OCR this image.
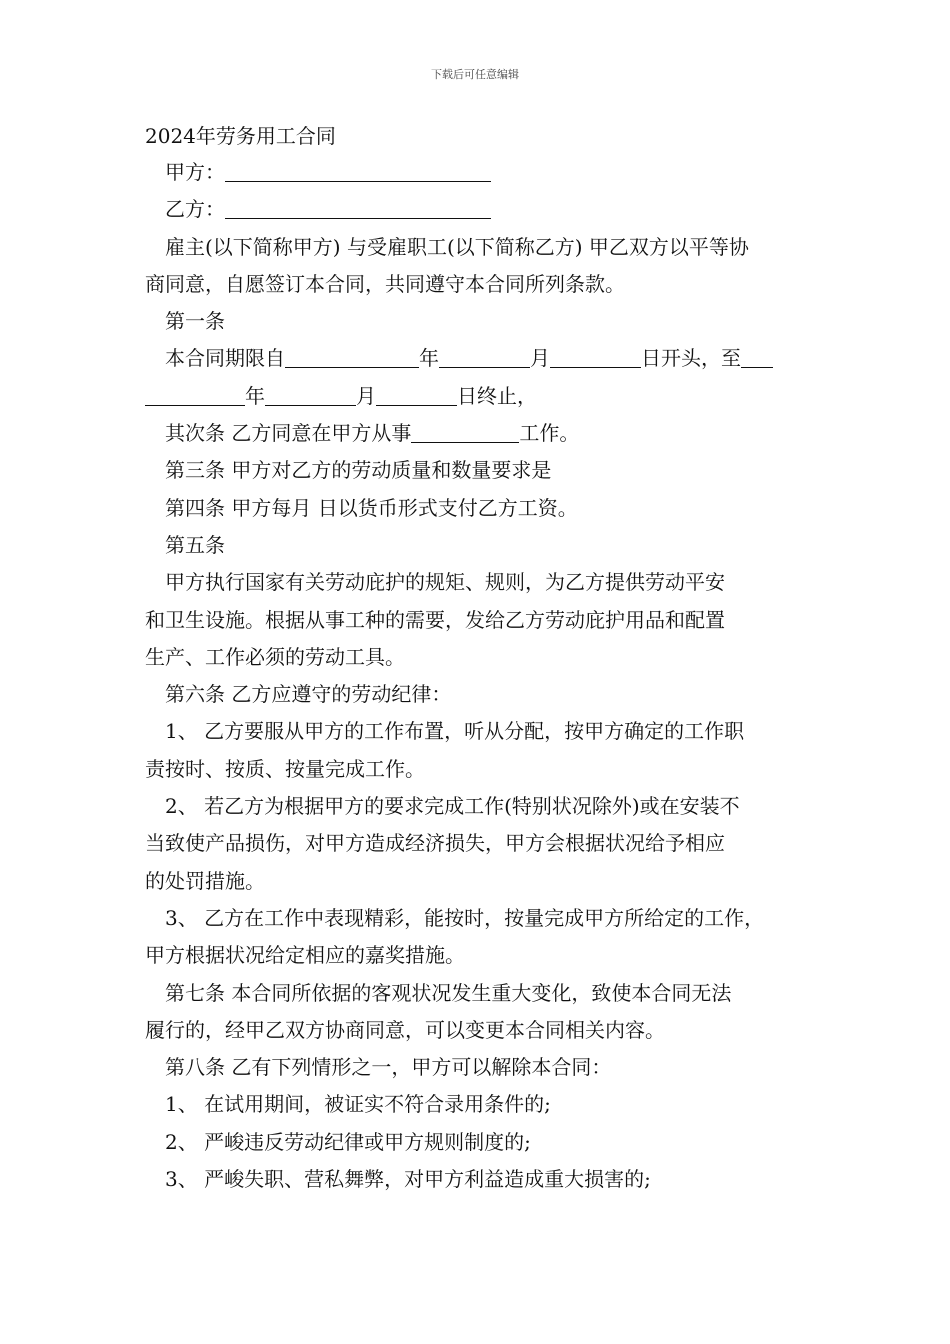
下载后可任意编辑

2024年劳务用工合同

甲方：

乙方：

雇主(以下简称甲方) 与受雇职工(以下简称乙方) 甲乙双方以平等协

商同意，自愿签订本合同，共同遵守本合同所列条款。

第一条

本合同期限自	年	月	日开头，至

年	月	日终止，

其次条 乙方同意在甲方从事	工作。

第三条 甲方对乙方的劳动质量和数量要求是

第四条 甲方每月 日以货币形式支付乙方工资。

第五条

甲方执行国家有关劳动庇护的规矩、规则，为乙方提供劳动平安

和卫生设施。根据从事工种的需要，发给乙方劳动庇护用品和配置

生产、工作必须的劳动工具。

第六条 乙方应遵守的劳动纪律：

1、 乙方要服从甲方的工作布置，听从分配，按甲方确定的工作职

责按时、按质、按量完成工作。

2、 若乙方为根据甲方的要求完成工作(特别状况除外)或在安装不

当致使产品损伤，对甲方造成经济损失，甲方会根据状况给予相应

的处罚措施。

3、 乙方在工作中表现精彩，能按时，按量完成甲方所给定的工作，

甲方根据状况给定相应的嘉奖措施。

第七条 本合同所依据的客观状况发生重大变化，致使本合同无法

履行的，经甲乙双方协商同意，可以变更本合同相关内容。

第八条 乙有下列情形之一，甲方可以解除本合同：

1、 在试用期间，被证实不符合录用条件的;

2、 严峻违反劳动纪律或甲方规则制度的;

3、 严峻失职、营私舞弊，对甲方利益造成重大损害的;
